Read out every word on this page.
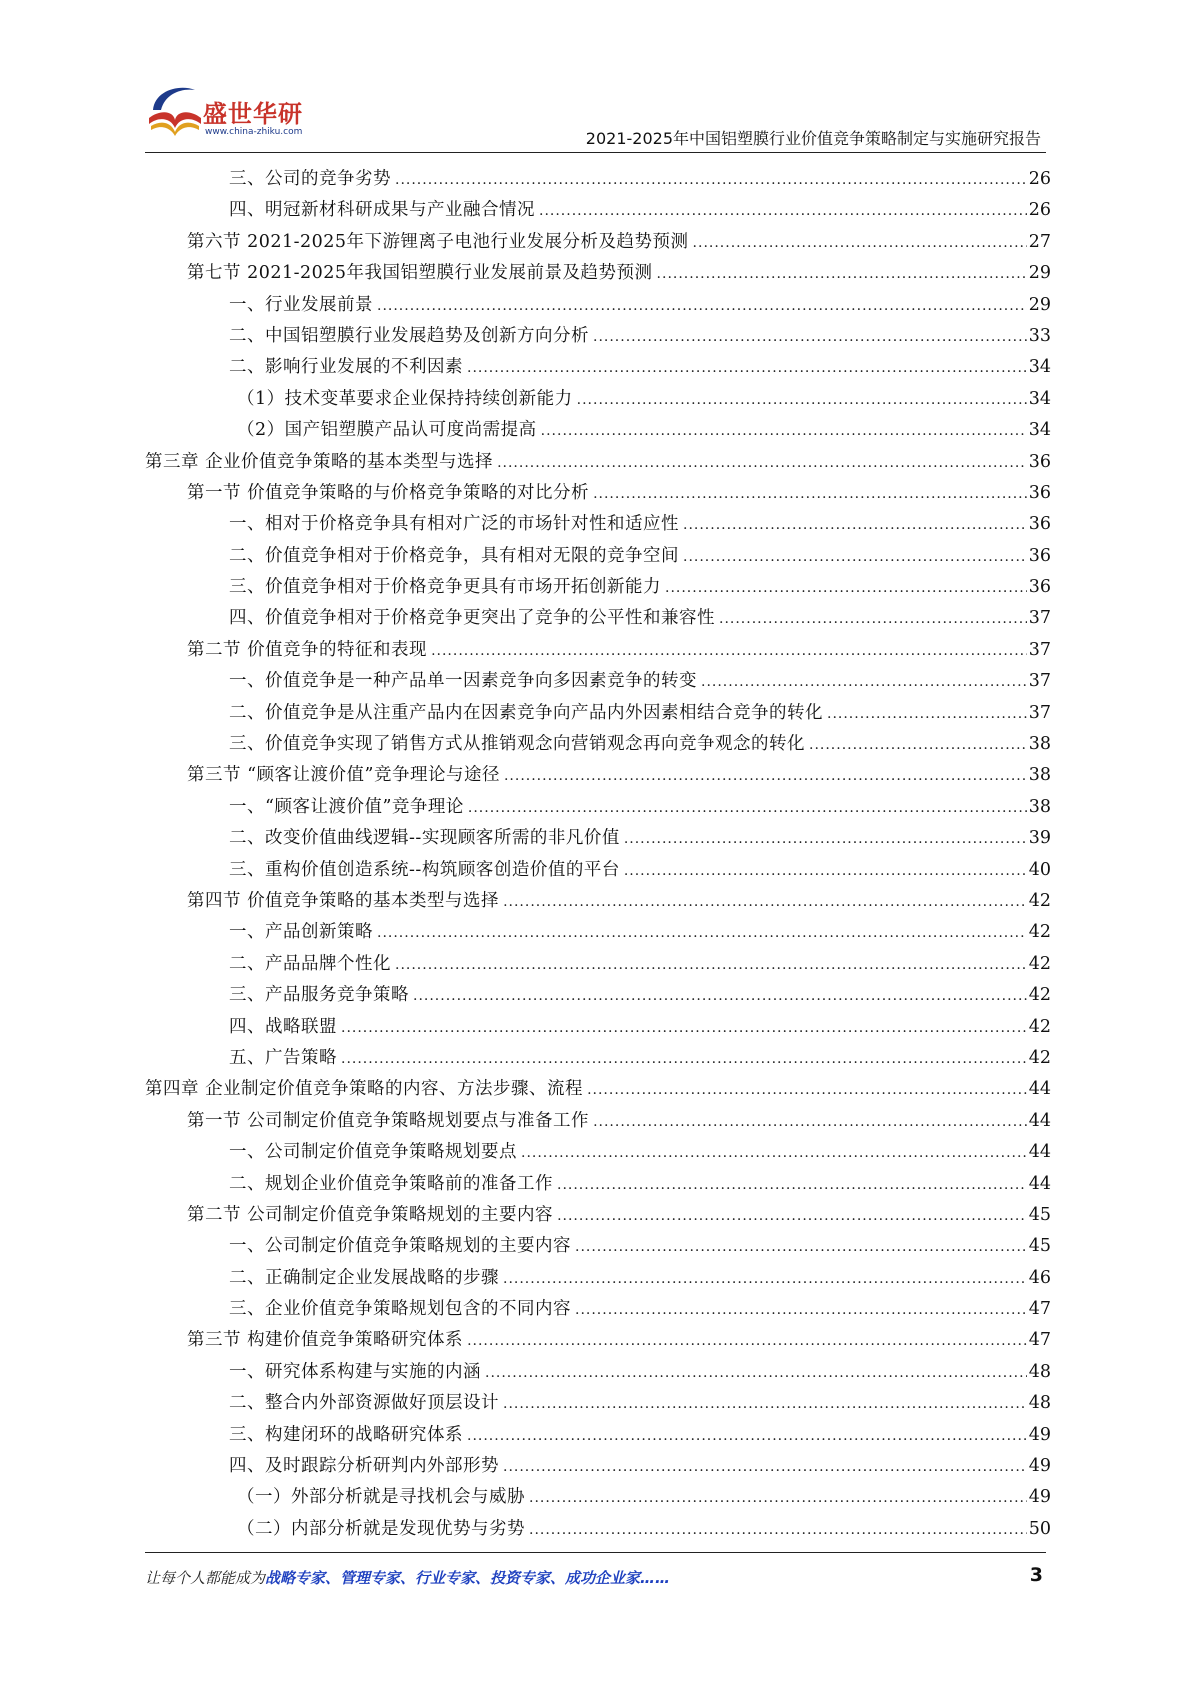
盛世华研
www.china-zhiku.com	2021-2025年中国铝塑膜行业价值竞争策略制定与实施研究报告
三、公司的竞争劣势 .....	26
四、明冠新材科研成果与产业融合情况 .....	26
第六节 2021-2025年下游锂离子电池行业发展分析及趋势预测 .....	27
第七节 2021-2025年我国铝塑膜行业发展前景及趋势预测 .....	29
一、行业发展前景 .....	29
二、中国铝塑膜行业发展趋势及创新方向分析 .....	33
二、影响行业发展的不利因素 .....	34
（1）技术变革要求企业保持持续创新能力 .....	34
（2）国产铝塑膜产品认可度尚需提高 .....	34
第三章 企业价值竞争策略的基本类型与选择 .....	36
第一节 价值竞争策略的与价格竞争策略的对比分析 .....	36
一、相对于价格竞争具有相对广泛的市场针对性和适应性 .....	36
二、价值竞争相对于价格竞争，具有相对无限的竞争空间 .....	36
三、价值竞争相对于价格竞争更具有市场开拓创新能力 .....	36
四、价值竞争相对于价格竞争更突出了竞争的公平性和兼容性 .....	37
第二节 价值竞争的特征和表现 .....	37
一、价值竞争是一种产品单一因素竞争向多因素竞争的转变 .....	37
二、价值竞争是从注重产品内在因素竞争向产品内外因素相结合竞争的转化 .....	37
三、价值竞争实现了销售方式从推销观念向营销观念再向竞争观念的转化 .....	38
第三节 “顾客让渡价值”竞争理论与途径 .....	38
一、“顾客让渡价值”竞争理论 .....	38
二、改变价值曲线逻辑--实现顾客所需的非凡价值 .....	39
三、重构价值创造系统--构筑顾客创造价值的平台 .....	40
第四节 价值竞争策略的基本类型与选择 .....	42
一、产品创新策略 .....	42
二、产品品牌个性化 .....	42
三、产品服务竞争策略 .....	42
四、战略联盟 .....	42
五、广告策略 .....	42
第四章 企业制定价值竞争策略的内容、方法步骤、流程 .....	44
第一节 公司制定价值竞争策略规划要点与准备工作 .....	44
一、公司制定价值竞争策略规划要点 .....	44
二、规划企业价值竞争策略前的准备工作 .....	44
第二节 公司制定价值竞争策略规划的主要内容 .....	45
一、公司制定价值竞争策略规划的主要内容 .....	45
二、正确制定企业发展战略的步骤 .....	46
三、企业价值竞争策略规划包含的不同内容 .....	47
第三节 构建价值竞争策略研究体系 .....	47
一、研究体系构建与实施的内涵 .....	48
二、整合内外部资源做好顶层设计 .....	48
三、构建闭环的战略研究体系 .....	49
四、及时跟踪分析研判内外部形势 .....	49
（一）外部分析就是寻找机会与威胁 .....	49
（二）内部分析就是发现优势与劣势 .....	50
让每个人都能成为战略专家、管理专家、行业专家、投资专家、成功企业家……	3
